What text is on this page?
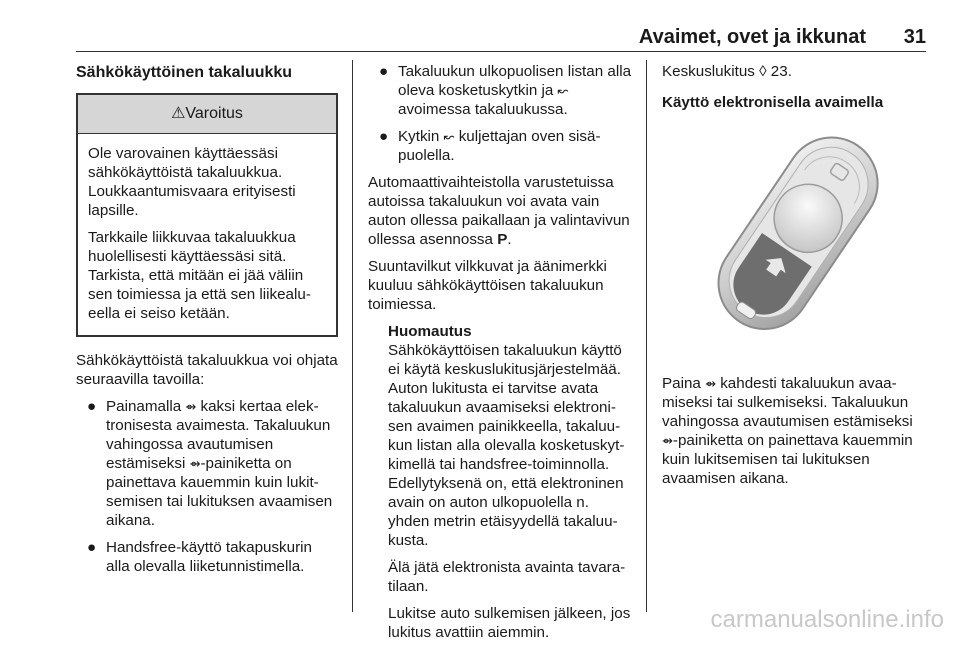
Avaimet, ovet ja ikkunat 31
Sähkökäyttöinen takaluukku
⚠Varoitus

Ole varovainen käyttäessäsi sähkökäyttöistä takaluukkua. Loukkaantumisvaara erityisesti lapsille.

Tarkkaile liikkuvaa takaluukkua huolellisesti käyttäessäsi sitä. Tarkista, että mitään ei jää väliin sen toimiessa ja että sen liikealueella ei seiso ketään.

Sähkökäyttöistä takaluukkua voi ohjata seuraavilla tavoilla:

● Painamalla ⇴ kaksi kertaa elektronisesta avaimesta. Takaluukun vahingossa avautumisen estämiseksi ⇴-painiketta on painettava kauemmin kuin lukitsemisen tai lukituksen avaamisen aikana.
● Handsfree-käyttö takapuskurin alla olevalla liiketunnistimella.
● Takaluukun ulkopuolisen listan alla oleva kosketuskytkin ja ↜ avoimessa takaluukussa.
● Kytkin ↜ kuljettajan oven sisäpuolella.

Automaattivaihteistolla varustetuissa autoissa takaluukun voi avata vain auton ollessa paikallaan ja valintavivun ollessa asennossa P.

Suuntavilkut vilkkuvat ja äänimerkki kuuluu sähkökäyttöisen takaluukun toimiessa.

Huomautus

Sähkökäyttöisen takaluukun käyttö ei käytä keskuslukitusjärjestelmää. Auton lukitusta ei tarvitse avata takaluukun avaamiseksi elektronisen avaimen painikkeella, takaluukun listan alla olevalla kosketuskytkimellä tai handsfree-toiminnolla. Edellytyksenä on, että elektroninen avain on auton ulkopuolella n. yhden metrin etäisyydellä takaluukusta.

Älä jätä elektronista avainta tavaratilaan.

Lukitse auto sulkemisen jälkeen, jos lukitus avattiin aiemmin.

Keskuslukitus ◊ 23.

Käyttö elektronisella avaimella

Paina ⇴ kahdesti takaluukun avaamiseksi tai sulkemiseksi. Takaluukun vahingossa avautumisen estämiseksi ⇴-painiketta on painettava kauemmin kuin lukitsemisen tai lukituksen avaamisen aikana.

carmanualsonline.info
